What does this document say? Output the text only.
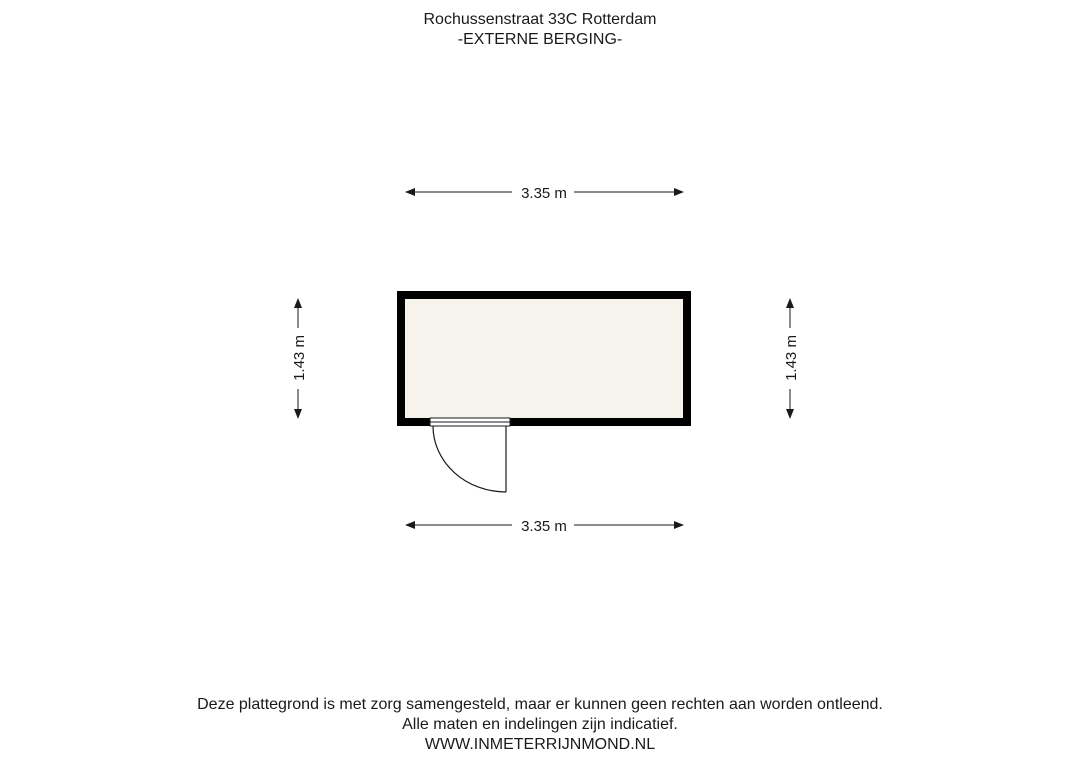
Rochussenstraat 33C Rotterdam
-EXTERNE BERGING-
3.35 m
3.35 m
1.43 m	1.43 m
Deze plattegrond is met zorg samengesteld, maar er kunnen geen rechten aan worden ontleend.
Alle maten en indelingen zijn indicatief.
WWW.INMETERRIJNMOND.NL
